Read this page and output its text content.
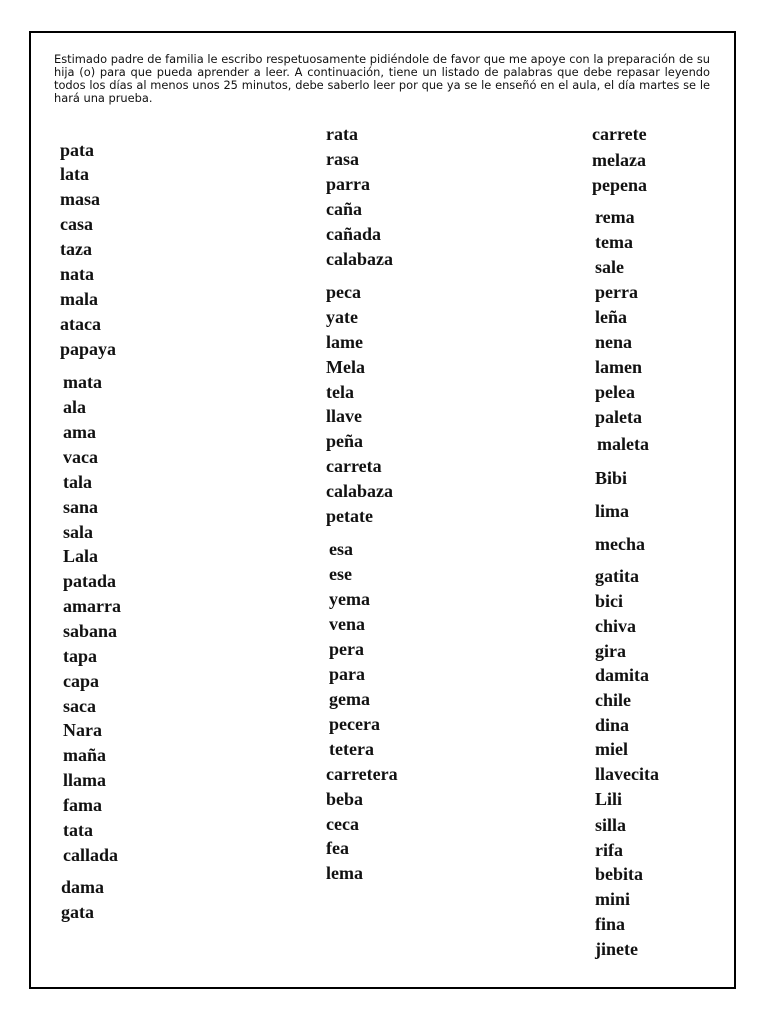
Estimado padre de familia le escribo respetuosamente pidiéndole de favor que me apoye con la preparación de su hija (o) para que pueda aprender a leer. A continuación, tiene un listado de palabras que debe repasar leyendo todos los días al menos unos 25 minutos, debe saberlo leer por que ya se le enseñó en el aula, el día martes se le hará una prueba.

pata
lata
masa
casa
taza
nata
mala
ataca
papaya
mata
ala
ama
vaca
tala
sana
sala
Lala
patada
amarra
sabana
tapa
capa
saca
Nara
maña
llama
fama
tata
callada
dama
gata
rata
rasa
parra
caña
cañada
calabaza
peca
yate
lame
Mela
tela
llave
peña
carreta
calabaza
petate
esa
ese
yema
vena
pera
para
gema
pecera
tetera
carretera
beba
ceca
fea
lema
carrete
melaza
pepena
rema
tema
sale
perra
leña
nena
lamen
pelea
paleta
maleta
Bibi
lima
mecha
gatita
bici
chiva
gira
damita
chile
dina
miel
llavecita
Lili
silla
rifa
bebita
mini
fina
jinete
